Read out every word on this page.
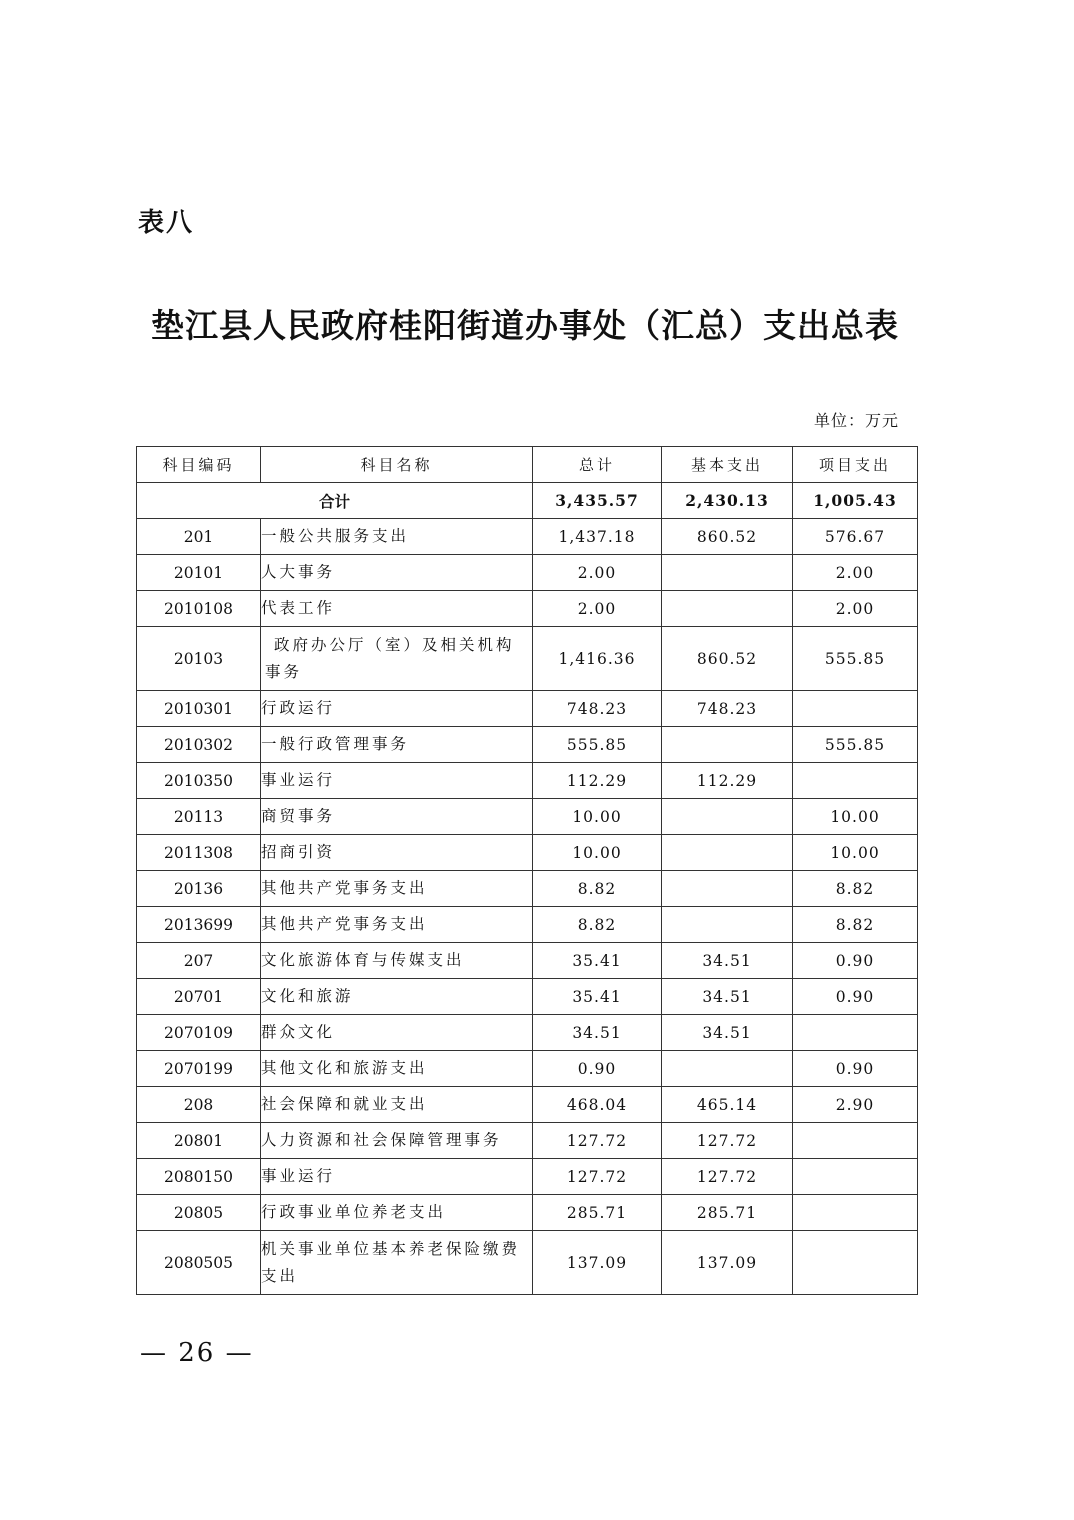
表八
垫江县人民政府桂阳街道办事处（汇总）支出总表
单位：万元
科目编码	科目名称	总计	基本支出	项目支出
合计		3,435.57	2,430.13	1,005.43
201	一般公共服务支出	1,437.18	860.52	576.67
20101	人大事务	2.00		2.00
2010108	代表工作	2.00		2.00
20103	政府办公厅（室）及相关机构事务	1,416.36	860.52	555.85
2010301	行政运行	748.23	748.23	
2010302	一般行政管理事务	555.85		555.85
2010350	事业运行	112.29	112.29	
20113	商贸事务	10.00		10.00
2011308	招商引资	10.00		10.00
20136	其他共产党事务支出	8.82		8.82
2013699	其他共产党事务支出	8.82		8.82
207	文化旅游体育与传媒支出	35.41	34.51	0.90
20701	文化和旅游	35.41	34.51	0.90
2070109	群众文化	34.51	34.51	
2070199	其他文化和旅游支出	0.90		0.90
208	社会保障和就业支出	468.04	465.14	2.90
20801	人力资源和社会保障管理事务	127.72	127.72	
2080150	事业运行	127.72	127.72	
20805	行政事业单位养老支出	285.71	285.71	
2080505	机关事业单位基本养老保险缴费支出	137.09	137.09	
— 26 —
